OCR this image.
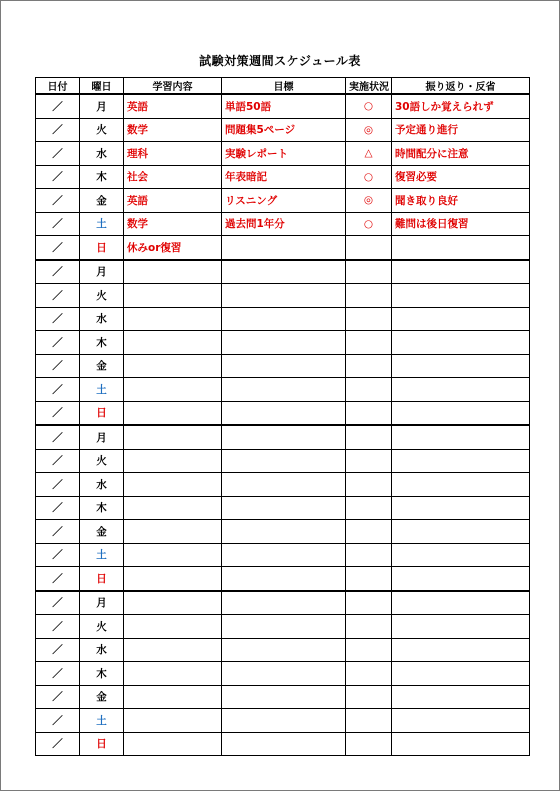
試験対策週間スケジュール表
日付	曜日	学習内容	目標	実施状況	振り返り・反省
／	月	英語	単語50語	○	30語しか覚えられず
／	火	数学	問題集5ページ	◎	予定通り進行
／	水	理科	実験レポート	△	時間配分に注意
／	木	社会	年表暗記	○	復習必要
／	金	英語	リスニング	◎	聞き取り良好
／	土	数学	過去問1年分	○	難問は後日復習
／	日	休みor復習			
／	月				
／	火				
／	水				
／	木				
／	金				
／	土				
／	日				
／	月				
／	火				
／	水				
／	木				
／	金				
／	土				
／	日				
／	月				
／	火				
／	水				
／	木				
／	金				
／	土				
／	日				
